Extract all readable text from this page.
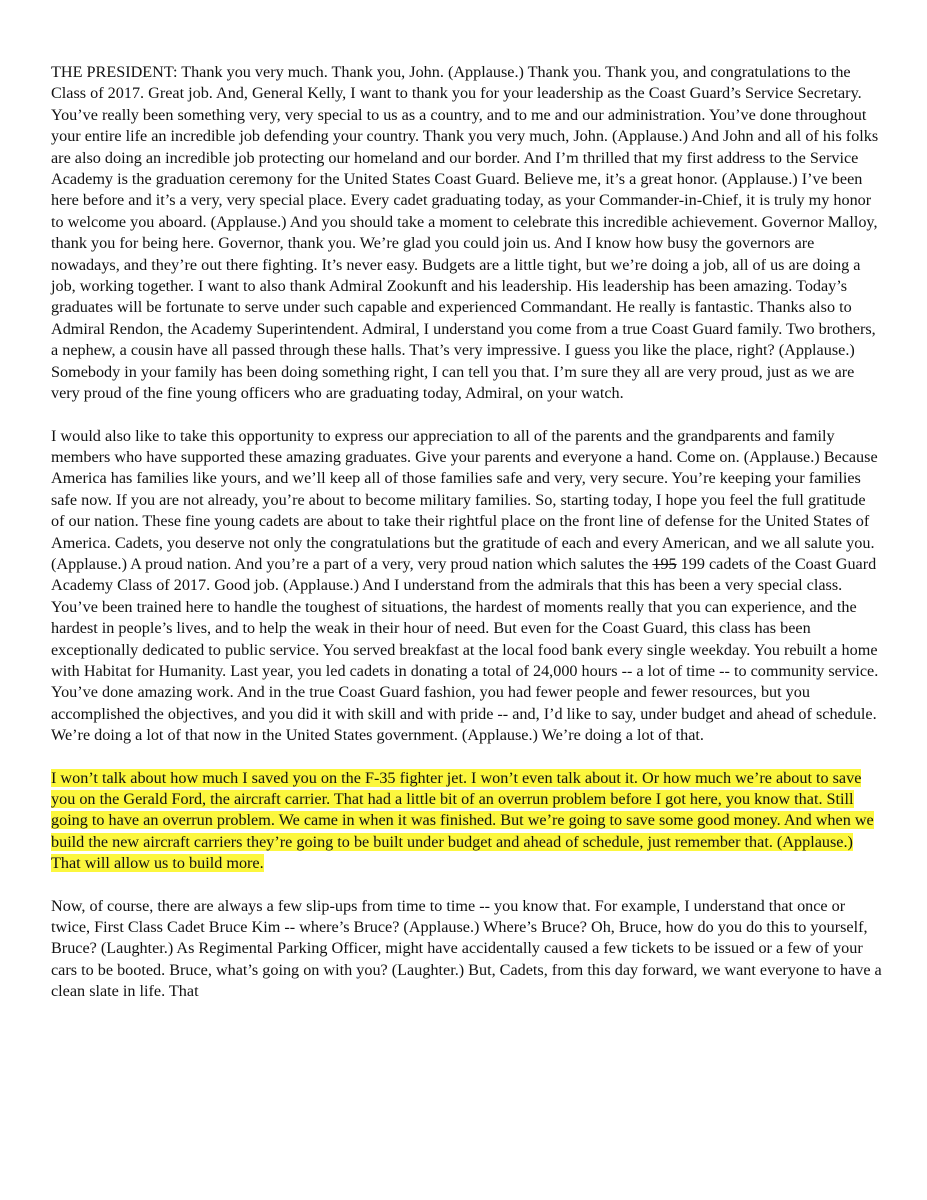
THE PRESIDENT: Thank you very much. Thank you, John. (Applause.) Thank you. Thank you, and congratulations to the Class of 2017. Great job. And, General Kelly, I want to thank you for your leadership as the Coast Guard’s Service Secretary. You’ve really been something very, very special to us as a country, and to me and our administration. You’ve done throughout your entire life an incredible job defending your country. Thank you very much, John. (Applause.) And John and all of his folks are also doing an incredible job protecting our homeland and our border. And I’m thrilled that my first address to the Service Academy is the graduation ceremony for the United States Coast Guard. Believe me, it’s a great honor. (Applause.) I’ve been here before and it’s a very, very special place. Every cadet graduating today, as your Commander-in-Chief, it is truly my honor to welcome you aboard. (Applause.) And you should take a moment to celebrate this incredible achievement. Governor Malloy, thank you for being here. Governor, thank you. We’re glad you could join us. And I know how busy the governors are nowadays, and they’re out there fighting. It’s never easy. Budgets are a little tight, but we’re doing a job, all of us are doing a job, working together. I want to also thank Admiral Zookunft and his leadership. His leadership has been amazing. Today’s graduates will be fortunate to serve under such capable and experienced Commandant. He really is fantastic. Thanks also to Admiral Rendon, the Academy Superintendent. Admiral, I understand you come from a true Coast Guard family. Two brothers, a nephew, a cousin have all passed through these halls. That’s very impressive. I guess you like the place, right? (Applause.) Somebody in your family has been doing something right, I can tell you that. I’m sure they all are very proud, just as we are very proud of the fine young officers who are graduating today, Admiral, on your watch.

I would also like to take this opportunity to express our appreciation to all of the parents and the grandparents and family members who have supported these amazing graduates. Give your parents and everyone a hand. Come on. (Applause.) Because America has families like yours, and we’ll keep all of those families safe and very, very secure. You’re keeping your families safe now. If you are not already, you’re about to become military families. So, starting today, I hope you feel the full gratitude of our nation. These fine young cadets are about to take their rightful place on the front line of defense for the United States of America. Cadets, you deserve not only the congratulations but the gratitude of each and every American, and we all salute you. (Applause.) A proud nation. And you’re a part of a very, very proud nation which salutes the 195 199 cadets of the Coast Guard Academy Class of 2017. Good job. (Applause.) And I understand from the admirals that this has been a very special class. You’ve been trained here to handle the toughest of situations, the hardest of moments really that you can experience, and the hardest in people’s lives, and to help the weak in their hour of need. But even for the Coast Guard, this class has been exceptionally dedicated to public service. You served breakfast at the local food bank every single weekday. You rebuilt a home with Habitat for Humanity. Last year, you led cadets in donating a total of 24,000 hours -- a lot of time -- to community service. You’ve done amazing work. And in the true Coast Guard fashion, you had fewer people and fewer resources, but you accomplished the objectives, and you did it with skill and with pride -- and, I’d like to say, under budget and ahead of schedule. We’re doing a lot of that now in the United States government. (Applause.) We’re doing a lot of that.

I won’t talk about how much I saved you on the F-35 fighter jet. I won’t even talk about it. Or how much we’re about to save you on the Gerald Ford, the aircraft carrier. That had a little bit of an overrun problem before I got here, you know that. Still going to have an overrun problem. We came in when it was finished. But we’re going to save some good money. And when we build the new aircraft carriers they’re going to be built under budget and ahead of schedule, just remember that. (Applause.) That will allow us to build more.

Now, of course, there are always a few slip-ups from time to time -- you know that. For example, I understand that once or twice, First Class Cadet Bruce Kim -- where’s Bruce? (Applause.) Where’s Bruce? Oh, Bruce, how do you do this to yourself, Bruce? (Laughter.) As Regimental Parking Officer, might have accidentally caused a few tickets to be issued or a few of your cars to be booted. Bruce, what’s going on with you? (Laughter.) But, Cadets, from this day forward, we want everyone to have a clean slate in life. That
